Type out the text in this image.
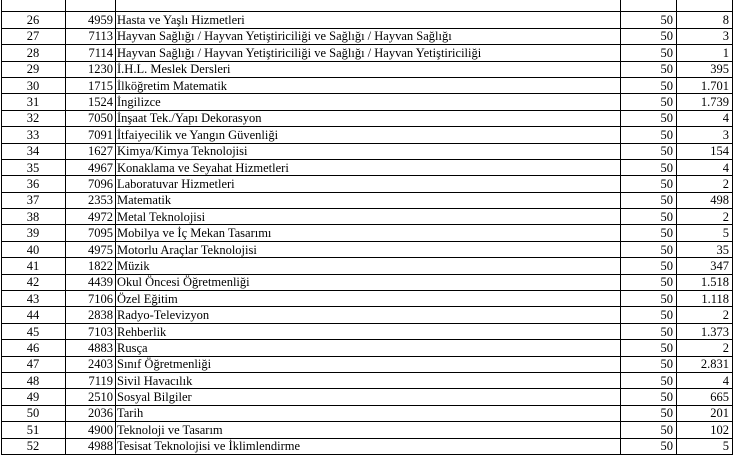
26	4959	Hasta ve Yaşlı Hizmetleri	50	8
27	7113	Hayvan Sağlığı / Hayvan Yetiştiriciliği ve Sağlığı / Hayvan Sağlığı	50	3
28	7114	Hayvan Sağlığı / Hayvan Yetiştiriciliği ve Sağlığı / Hayvan Yetiştiriciliği	50	1
29	1230	İ.H.L. Meslek Dersleri	50	395
30	1715	İlköğretim Matematik	50	1.701
31	1524	İngilizce	50	1.739
32	7050	İnşaat Tek./Yapı Dekorasyon	50	4
33	7091	İtfaiyecilik ve Yangın Güvenliği	50	3
34	1627	Kimya/Kimya Teknolojisi	50	154
35	4967	Konaklama ve Seyahat Hizmetleri	50	4
36	7096	Laboratuvar Hizmetleri	50	2
37	2353	Matematik	50	498
38	4972	Metal Teknolojisi	50	2
39	7095	Mobilya ve İç Mekan Tasarımı	50	5
40	4975	Motorlu Araçlar Teknolojisi	50	35
41	1822	Müzik	50	347
42	4439	Okul Öncesi Öğretmenliği	50	1.518
43	7106	Özel Eğitim	50	1.118
44	2838	Radyo-Televizyon	50	2
45	7103	Rehberlik	50	1.373
46	4883	Rusça	50	2
47	2403	Sınıf Öğretmenliği	50	2.831
48	7119	Sivil Havacılık	50	4
49	2510	Sosyal Bilgiler	50	665
50	2036	Tarih	50	201
51	4900	Teknoloji ve Tasarım	50	102
52	4988	Tesisat Teknolojisi ve İklimlendirme	50	5
